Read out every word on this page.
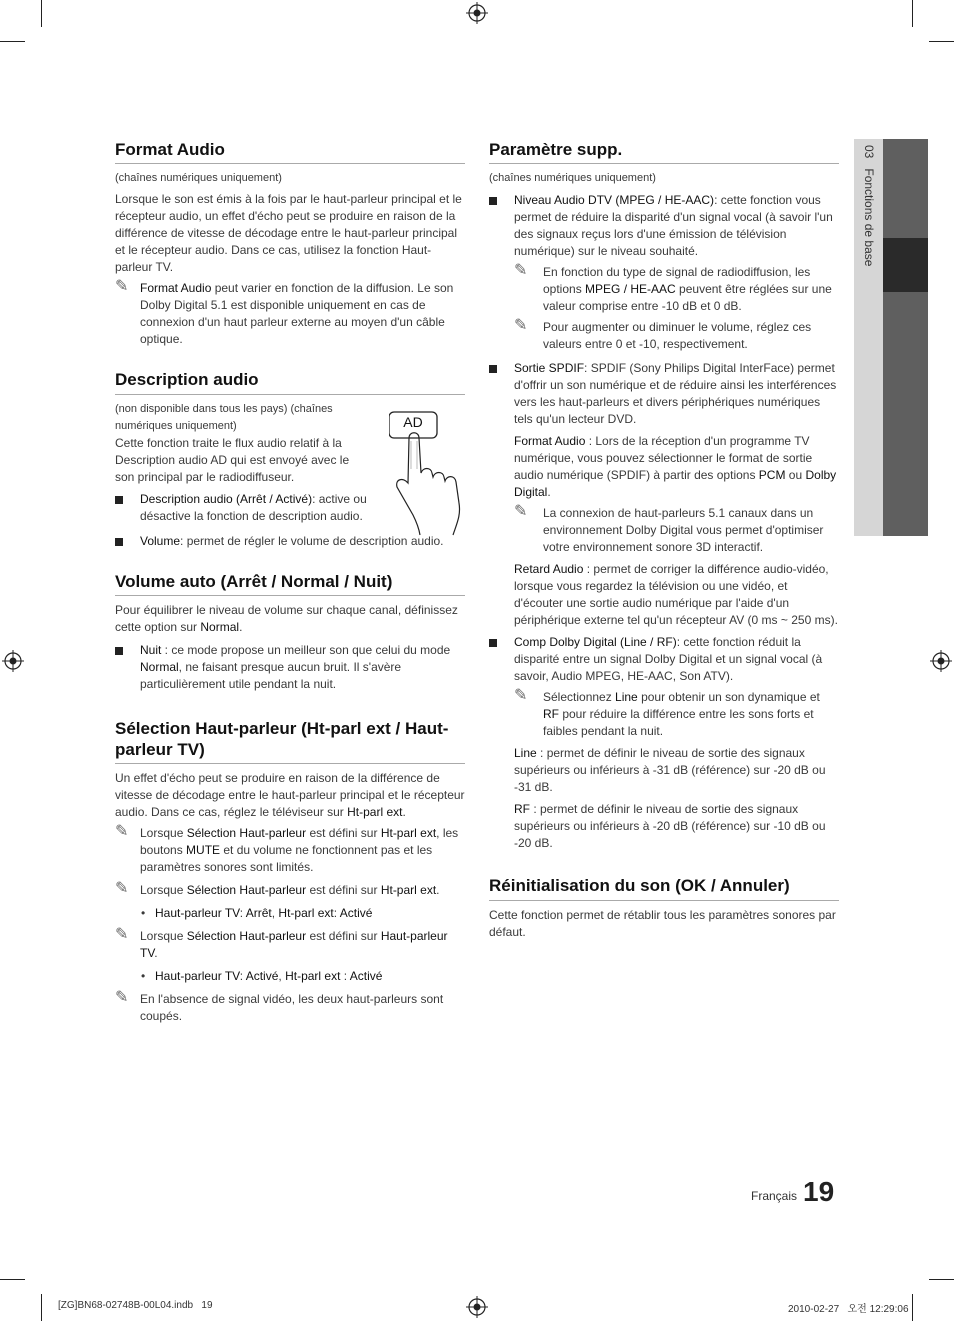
03   Fonctions de base
Format Audio

(chaînes numériques uniquement)

Lorsque le son est émis à la fois par le haut-parleur principal et le récepteur audio, un effet d'écho peut se produire en raison de la différence de vitesse de décodage entre le haut-parleur principal et le récepteur audio. Dans ce cas, utilisez la fonction Haut-parleur TV.

✎ Format Audio peut varier en fonction de la diffusion. Le son Dolby Digital 5.1 est disponible uniquement en cas de connexion d'un haut parleur externe au moyen d'un câble optique.
Description audio

(non disponible dans tous les pays) (chaînes numériques uniquement)

Cette fonction traite le flux audio relatif à la Description audio AD qui est envoyé avec le son principal par le radiodiffuseur.

Description audio (Arrêt / Activé): active ou désactive la fonction de description audio.
AD
Volume: permet de régler le volume de description audio.
Volume auto (Arrêt / Normal / Nuit)

Pour équilibrer le niveau de volume sur chaque canal, définissez cette option sur Normal.

Nuit : ce mode propose un meilleur son que celui du mode Normal, ne faisant presque aucun bruit. Il s'avère particulièrement utile pendant la nuit.
Sélection Haut-parleur (Ht-parl ext / Haut-parleur TV)

Un effet d'écho peut se produire en raison de la différence de vitesse de décodage entre le haut-parleur principal et le récepteur audio. Dans ce cas, réglez le téléviseur sur Ht-parl ext.

✎ Lorsque Sélection Haut-parleur est défini sur Ht-parl ext, les boutons MUTE et du volume ne fonctionnent pas et les paramètres sonores sont limités.
✎ Lorsque Sélection Haut-parleur est défini sur Ht-parl ext.
• Haut-parleur TV: Arrêt, Ht-parl ext: Activé
✎ Lorsque Sélection Haut-parleur est défini sur Haut-parleur TV.
• Haut-parleur TV: Activé, Ht-parl ext : Activé
✎ En l'absence de signal vidéo, les deux haut-parleurs sont coupés.
Paramètre supp.

(chaînes numériques uniquement)

Niveau Audio DTV (MPEG / HE-AAC): cette fonction vous permet de réduire la disparité d'un signal vocal (à savoir l'un des signaux reçus lors d'une émission de télévision numérique) sur le niveau souhaité.
✎ En fonction du type de signal de radiodiffusion, les options MPEG / HE-AAC peuvent être réglées sur une valeur comprise entre -10 dB et 0 dB.
✎ Pour augmenter ou diminuer le volume, réglez ces valeurs entre 0 et -10, respectivement.
Sortie SPDIF: SPDIF (Sony Philips Digital InterFace) permet d'offrir un son numérique et de réduire ainsi les interférences vers les haut-parleurs et divers périphériques numériques tels qu'un lecteur DVD.
Format Audio : Lors de la réception d'un programme TV numérique, vous pouvez sélectionner le format de sortie audio numérique (SPDIF) à partir des options PCM ou Dolby Digital.
✎ La connexion de haut-parleurs 5.1 canaux dans un environnement Dolby Digital vous permet d'optimiser votre environnement sonore 3D interactif.
Retard Audio : permet de corriger la différence audio-vidéo, lorsque vous regardez la télévision ou une vidéo, et d'écouter une sortie audio numérique par l'aide d'un périphérique externe tel qu'un récepteur AV (0 ms ~ 250 ms).
Comp Dolby Digital (Line / RF): cette fonction réduit la disparité entre un signal Dolby Digital et un signal vocal (à savoir, Audio MPEG, HE-AAC, Son ATV).
✎ Sélectionnez Line pour obtenir un son dynamique et RF pour réduire la différence entre les sons forts et faibles pendant la nuit.
Line : permet de définir le niveau de sortie des signaux supérieurs ou inférieurs à -31 dB (référence) sur -20 dB ou -31 dB.
RF : permet de définir le niveau de sortie des signaux supérieurs ou inférieurs à -20 dB (référence) sur -10 dB ou -20 dB.
Réinitialisation du son (OK / Annuler)

Cette fonction permet de rétablir tous les paramètres sonores par défaut.

Français 19
[ZG]BN68-02748B-00L04.indb   19	2010-02-27   오전 12:29:06
